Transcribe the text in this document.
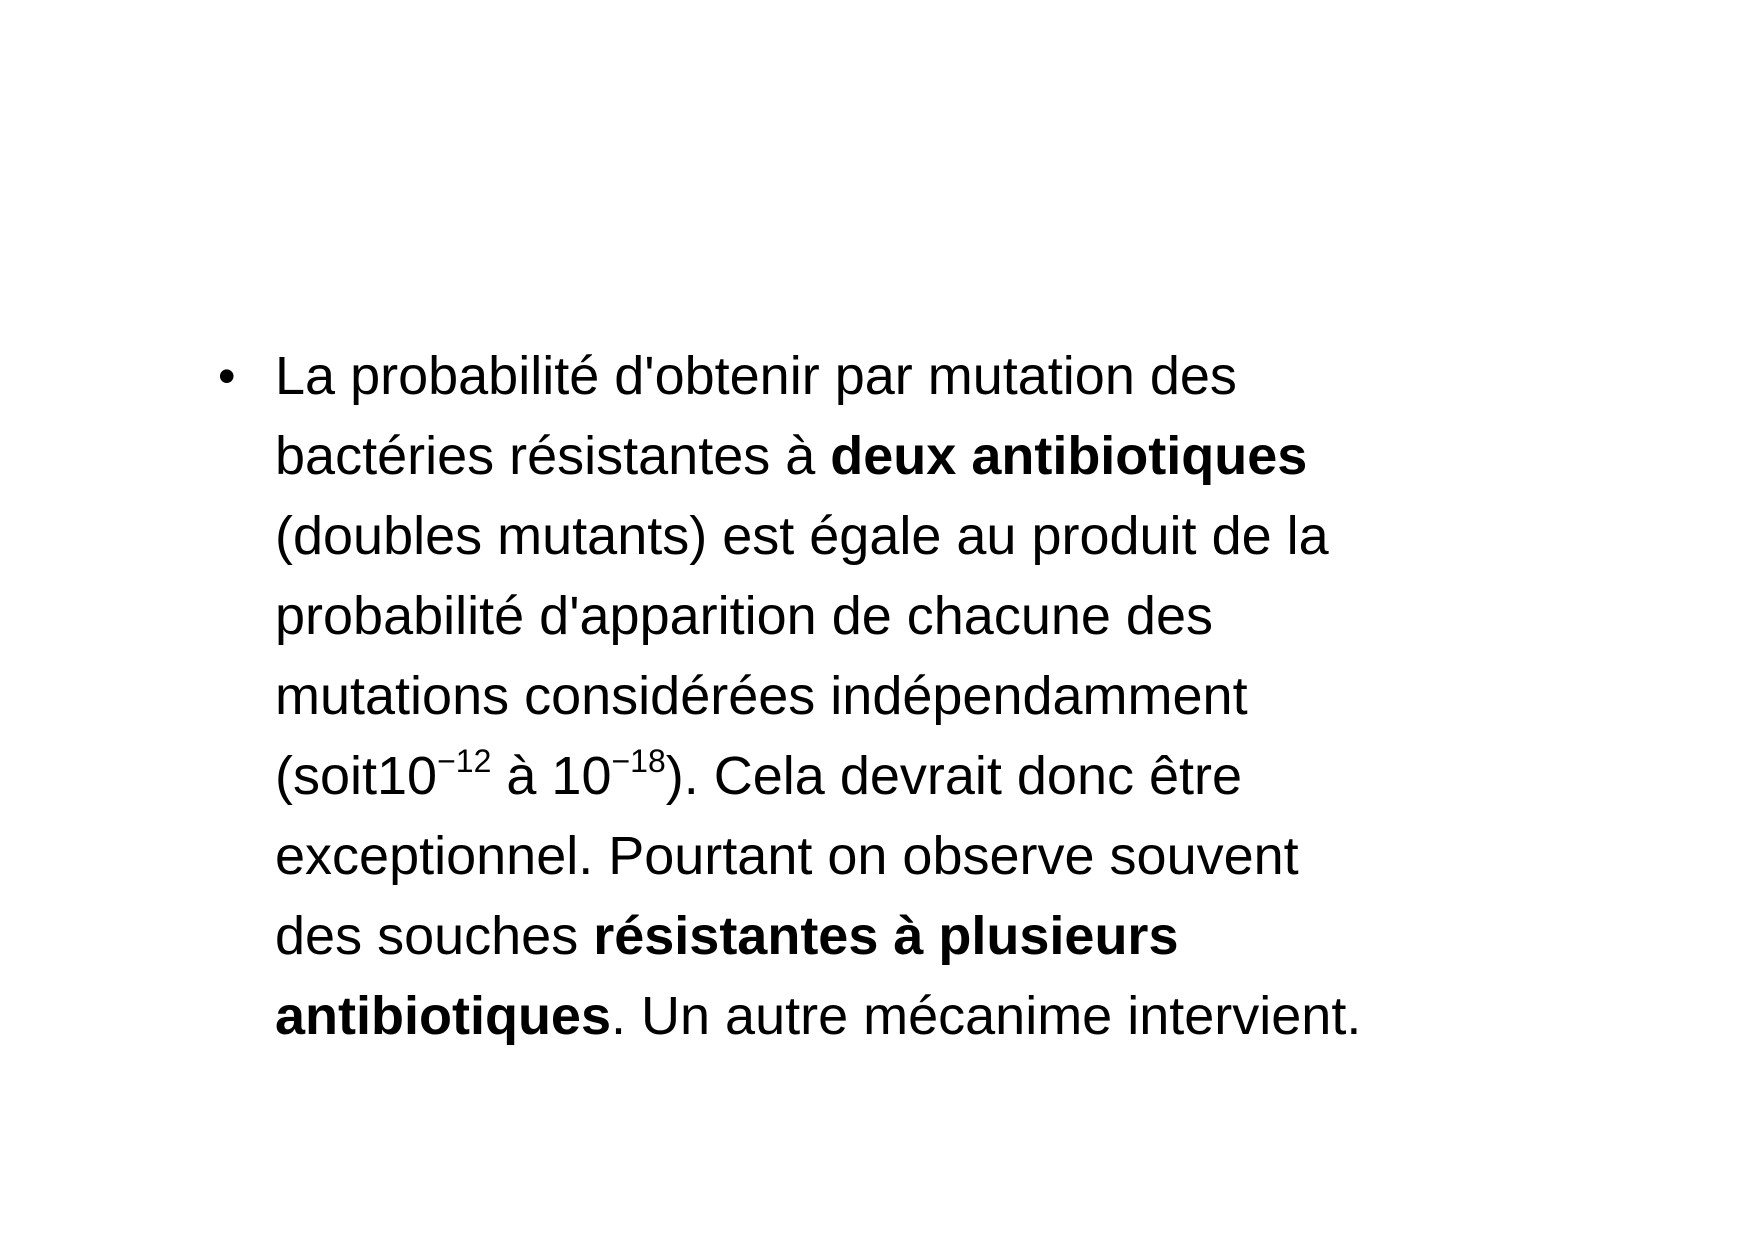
• La probabilité d'obtenir par mutation des
bactéries résistantes à deux antibiotiques
(doubles mutants) est égale au produit de la
probabilité d'apparition de chacune des
mutations considérées indépendamment
($soit10^{-12}$ à $10^{-18}$). Cela devrait donc être
exceptionnel. Pourtant on observe souvent
des souches résistantes à plusieurs
antibiotiques. Un autre mécanime intervient.
